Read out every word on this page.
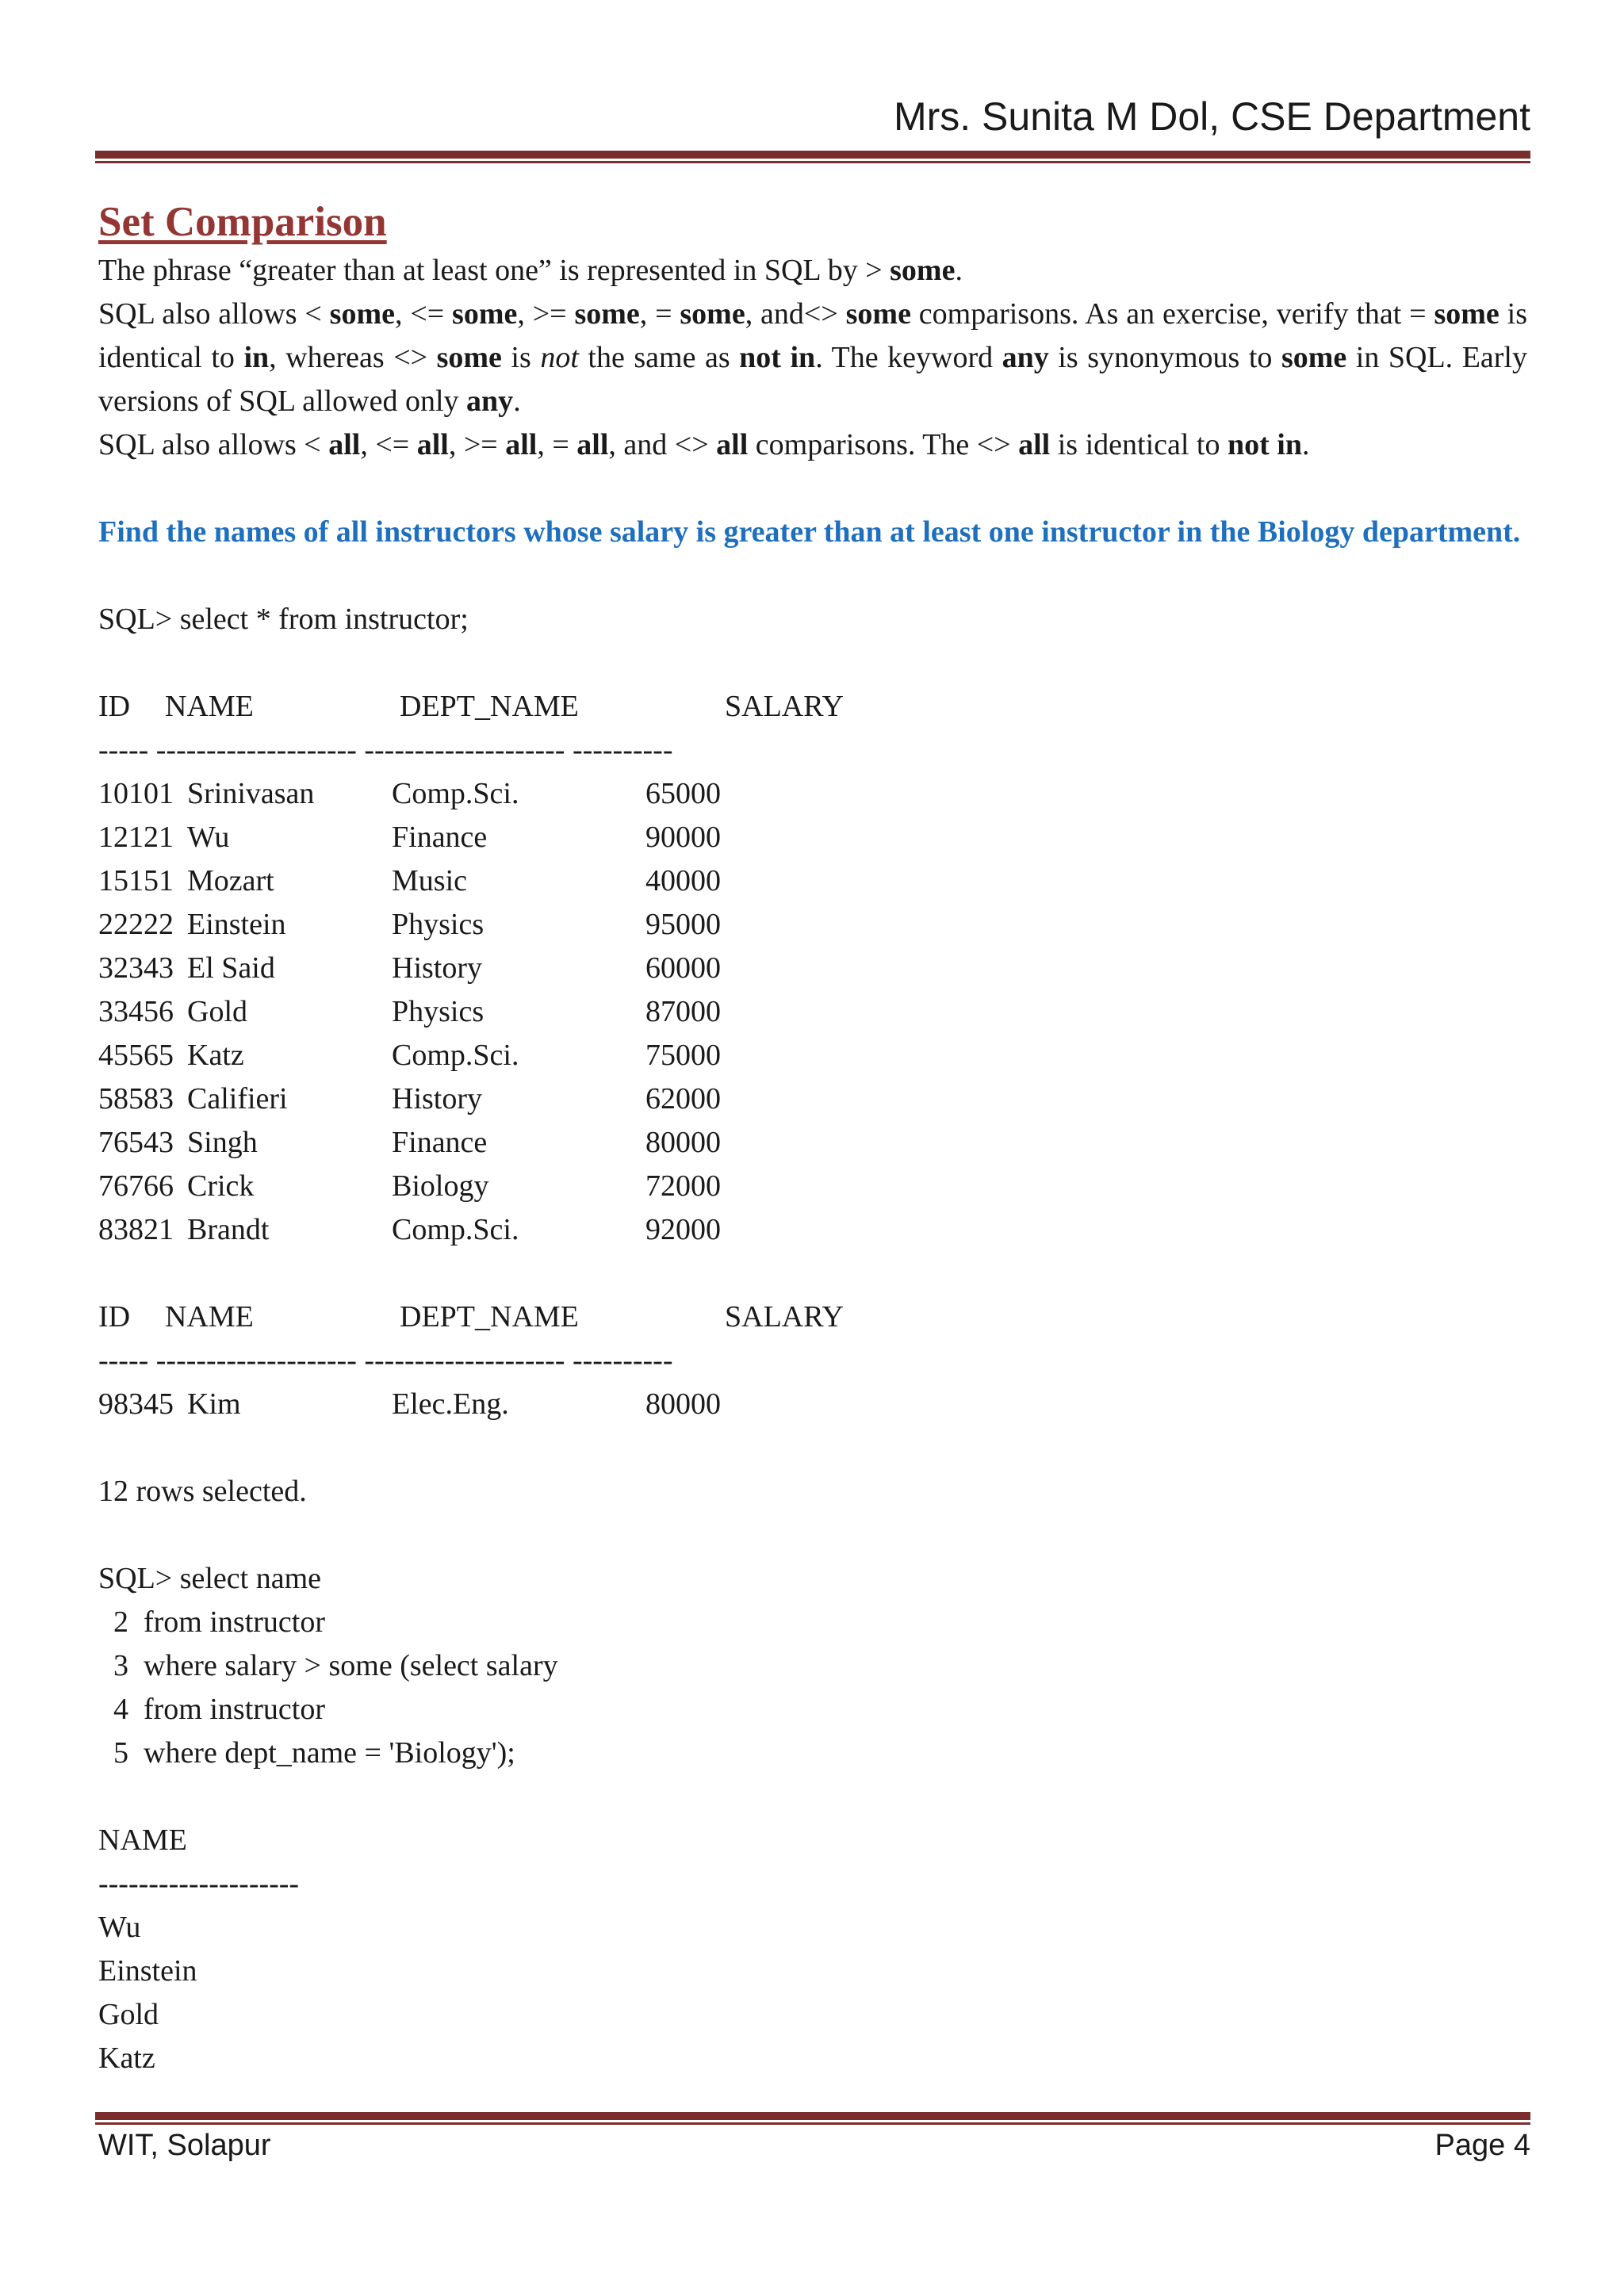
Mrs. Sunita M Dol, CSE Department
Set Comparison

The phrase “greater than at least one” is represented in SQL by > some.

SQL also allows < some, <= some, >= some, = some, and<> some comparisons. As an exercise, verify that = some is identical to in, whereas <> some is not the same as not in. The keyword any is synonymous to some in SQL. Early versions of SQL allowed only any.

SQL also allows < all, <= all, >= all, = all, and <> all comparisons. The <> all is identical to not in.

Find the names of all instructors whose salary is greater than at least one instructor in the Biology department.

SQL> select * from instructor;
ID NAME	DEPT_NAME	SALARY
----- -------------------- -------------------- ----------
10101 Srinivasan	Comp.Sci.	65000
12121 Wu	Finance	90000
15151 Mozart	Music	40000
22222 Einstein	Physics	95000
32343 El Said	History	60000
33456 Gold	Physics	87000
45565 Katz	Comp.Sci.	75000
58583 Califieri	History	62000
76543 Singh	Finance	80000
76766 Crick	Biology	72000
83821 Brandt	Comp.Sci.	92000
ID NAME	DEPT_NAME	SALARY
----- -------------------- -------------------- ----------
98345 Kim	Elec.Eng.	80000
12 rows selected.
SQL> select name
2  from instructor
3  where salary > some (select salary
4  from instructor
5  where dept_name = 'Biology');
NAME
--------------------
Wu
Einstein
Gold
Katz
WIT, Solapur	Page 4
